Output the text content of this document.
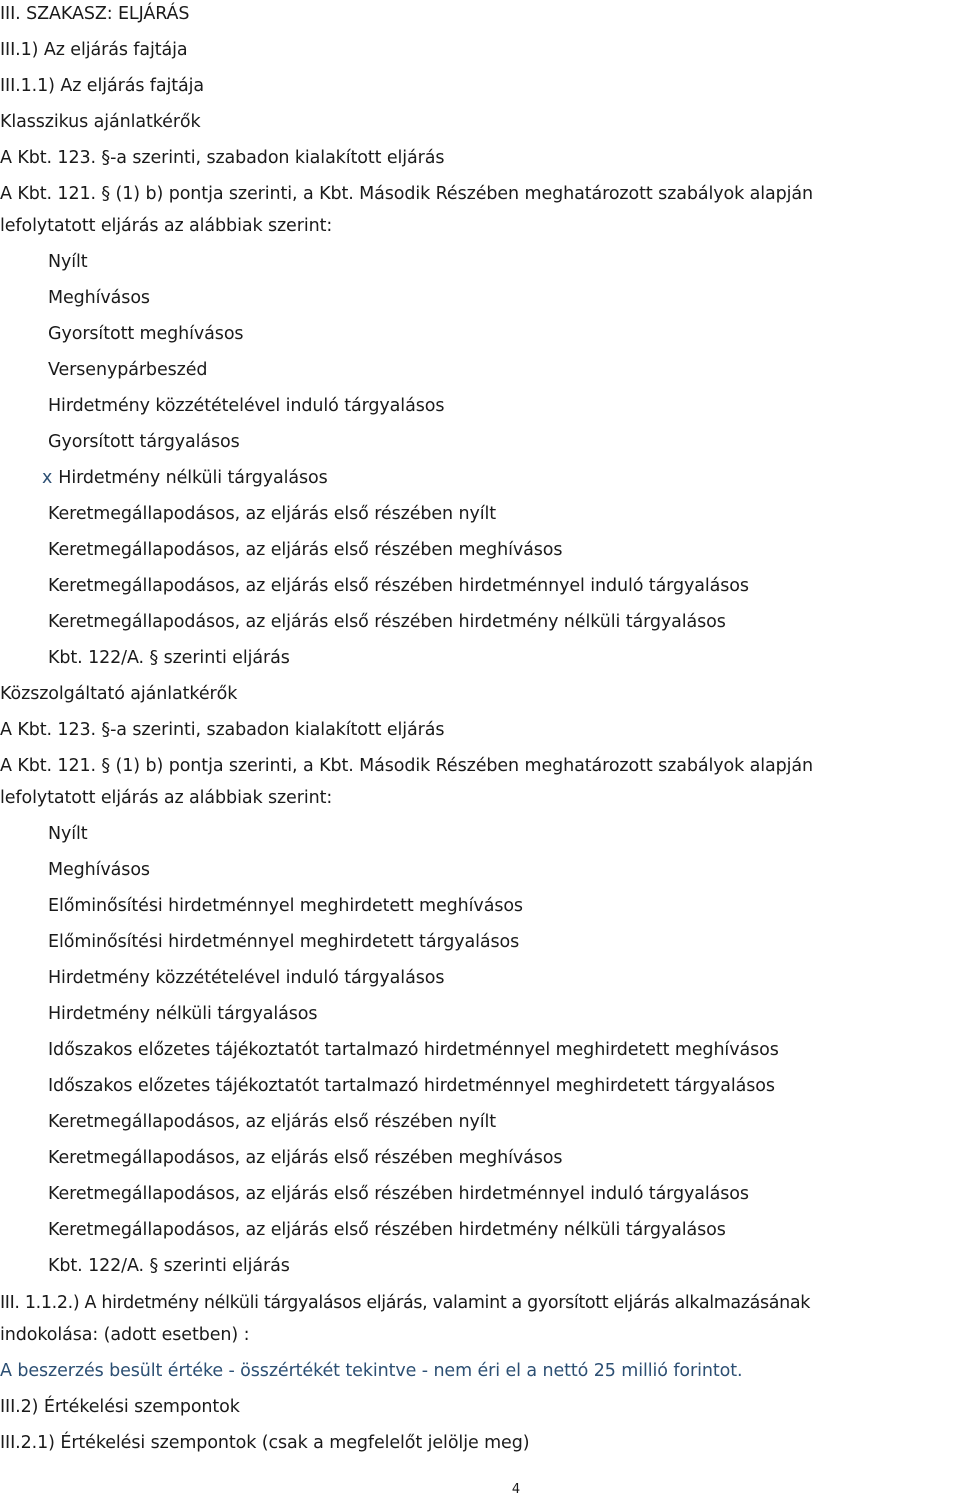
III. SZAKASZ: ELJÁRÁS
III.1) Az eljárás fajtája
III.1.1) Az eljárás fajtája
Klasszikus ajánlatkérők
A Kbt. 123. §-a szerinti, szabadon kialakított eljárás
A Kbt. 121. § (1) b) pontja szerinti, a Kbt. Második Részében meghatározott szabályok alapján
lefolytatott eljárás az alábbiak szerint:
Nyílt
Meghívásos
Gyorsított meghívásos
Versenypárbeszéd
Hirdetmény közzétételével induló tárgyalásos
Gyorsított tárgyalásos
x Hirdetmény nélküli tárgyalásos
Keretmegállapodásos, az eljárás első részében nyílt
Keretmegállapodásos, az eljárás első részében meghívásos
Keretmegállapodásos, az eljárás első részében hirdetménnyel induló tárgyalásos
Keretmegállapodásos, az eljárás első részében hirdetmény nélküli tárgyalásos
Kbt. 122/A. § szerinti eljárás
Közszolgáltató ajánlatkérők
A Kbt. 123. §-a szerinti, szabadon kialakított eljárás
A Kbt. 121. § (1) b) pontja szerinti, a Kbt. Második Részében meghatározott szabályok alapján
lefolytatott eljárás az alábbiak szerint:
Nyílt
Meghívásos
Előminősítési hirdetménnyel meghirdetett meghívásos
Előminősítési hirdetménnyel meghirdetett tárgyalásos
Hirdetmény közzétételével induló tárgyalásos
Hirdetmény nélküli tárgyalásos
Időszakos előzetes tájékoztatót tartalmazó hirdetménnyel meghirdetett meghívásos
Időszakos előzetes tájékoztatót tartalmazó hirdetménnyel meghirdetett tárgyalásos
Keretmegállapodásos, az eljárás első részében nyílt
Keretmegállapodásos, az eljárás első részében meghívásos
Keretmegállapodásos, az eljárás első részében hirdetménnyel induló tárgyalásos
Keretmegállapodásos, az eljárás első részében hirdetmény nélküli tárgyalásos
Kbt. 122/A. § szerinti eljárás
III. 1.1.2.) A hirdetmény nélküli tárgyalásos eljárás, valamint a gyorsított eljárás alkalmazásának
indokolása: (adott esetben) :
A beszerzés besült értéke - összértékét tekintve - nem éri el a nettó 25 millió forintot.
III.2) Értékelési szempontok
III.2.1) Értékelési szempontok (csak a megfelelőt jelölje meg)
4
